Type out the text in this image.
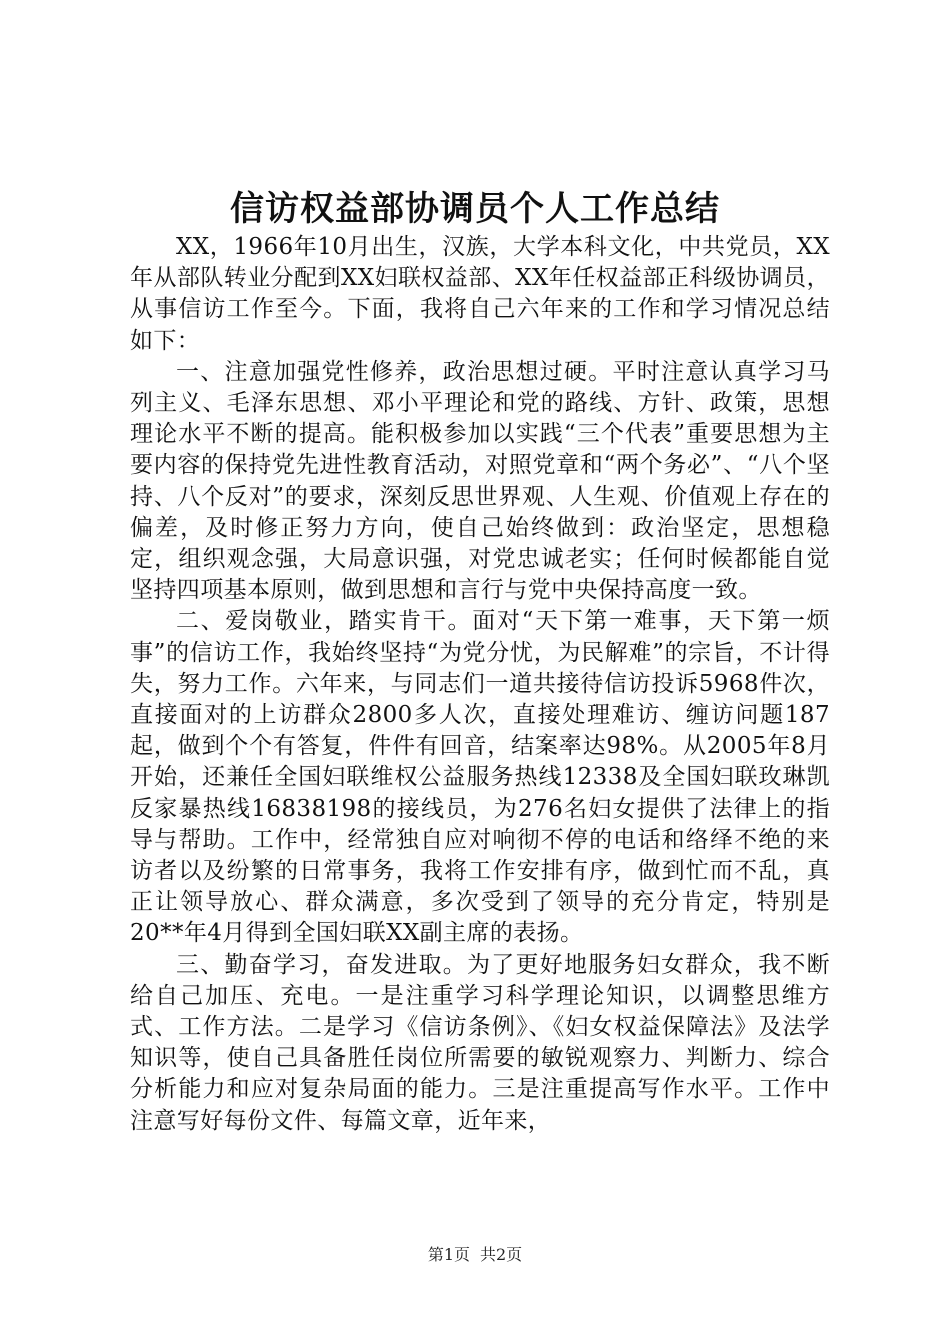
信访权益部协调员个人工作总结

XX，1966年10月出生，汉族，大学本科文化，中共党员，XX年从部队转业分配到XX妇联权益部、XX年任权益部正科级协调员，从事信访工作至今。下面，我将自己六年来的工作和学习情况总结如下：

一、注意加强党性修养，政治思想过硬。平时注意认真学习马列主义、毛泽东思想、邓小平理论和党的路线、方针、政策，思想理论水平不断的提高。能积极参加以实践“三个代表”重要思想为主要内容的保持党先进性教育活动，对照党章和“两个务必”、“八个坚持、八个反对”的要求，深刻反思世界观、人生观、价值观上存在的偏差，及时修正努力方向，使自己始终做到：政治坚定，思想稳定，组织观念强，大局意识强，对党忠诚老实；任何时候都能自觉坚持四项基本原则，做到思想和言行与党中央保持高度一致。

二、爱岗敬业，踏实肯干。面对“天下第一难事，天下第一烦事”的信访工作，我始终坚持“为党分忧，为民解难”的宗旨，不计得失，努力工作。六年来，与同志们一道共接待信访投诉5968件次，直接面对的上访群众2800多人次，直接处理难访、缠访问题187起，做到个个有答复，件件有回音，结案率达98%。从2005年8月开始，还兼任全国妇联维权公益服务热线12338及全国妇联玫琳凯反家暴热线16838198的接线员，为276名妇女提供了法律上的指导与帮助。工作中，经常独自应对响彻不停的电话和络绎不绝的来访者以及纷繁的日常事务，我将工作安排有序，做到忙而不乱，真正让领导放心、群众满意，多次受到了领导的充分肯定，特别是20**年4月得到全国妇联XX副主席的表扬。

三、勤奋学习，奋发进取。为了更好地服务妇女群众，我不断给自己加压、充电。一是注重学习科学理论知识，以调整思维方式、工作方法。二是学习《信访条例》、《妇女权益保障法》及法学知识等，使自己具备胜任岗位所需要的敏锐观察力、判断力、综合分析能力和应对复杂局面的能力。三是注重提高写作水平。工作中注意写好每份文件、每篇文章，近年来，

第1页 共2页
